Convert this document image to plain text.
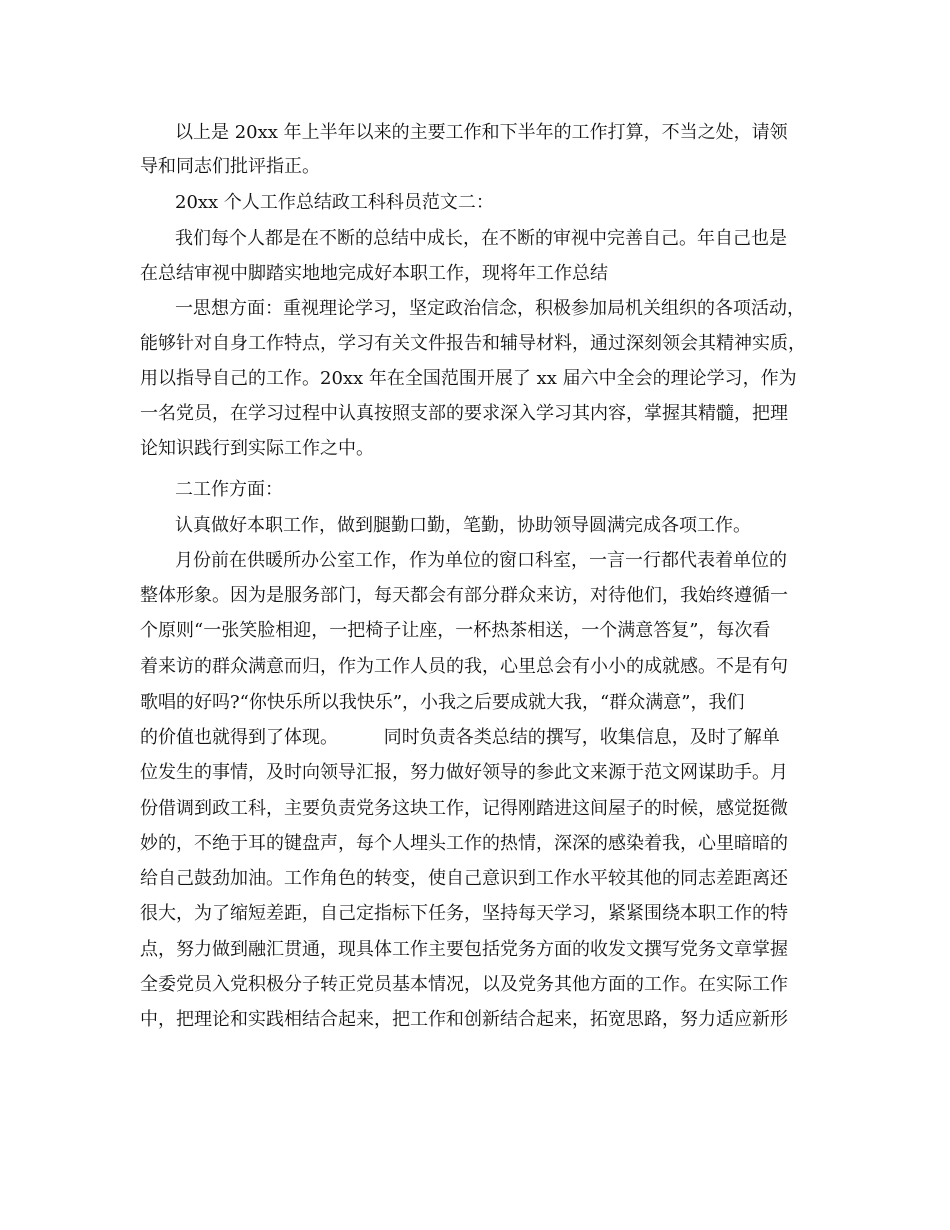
以上是 20xx 年上半年以来的主要工作和下半年的工作打算，不当之处，请领
导和同志们批评指正。
20xx 个人工作总结政工科科员范文二：
我们每个人都是在不断的总结中成长，在不断的审视中完善自己。年自己也是
在总结审视中脚踏实地地完成好本职工作，现将年工作总结
一思想方面：重视理论学习，坚定政治信念，积极参加局机关组织的各项活动，
能够针对自身工作特点，学习有关文件报告和辅导材料，通过深刻领会其精神实质，
用以指导自己的工作。20xx 年在全国范围开展了 xx 届六中全会的理论学习，作为
一名党员，在学习过程中认真按照支部的要求深入学习其内容，掌握其精髓，把理
论知识践行到实际工作之中。
二工作方面：
认真做好本职工作，做到腿勤口勤，笔勤，协助领导圆满完成各项工作。
月份前在供暖所办公室工作，作为单位的窗口科室，一言一行都代表着单位的
整体形象。因为是服务部门，每天都会有部分群众来访，对待他们，我始终遵循一
个原则“一张笑脸相迎，一把椅子让座，一杯热茶相送，一个满意答复”，每次看
着来访的群众满意而归，作为工作人员的我，心里总会有小小的成就感。不是有句
歌唱的好吗?“你快乐所以我快乐”，小我之后要成就大我，“群众满意”，我们
的价值也就得到了体现。        同时负责各类总结的撰写，收集信息，及时了解单
位发生的事情，及时向领导汇报，努力做好领导的参此文来源于范文网谋助手。月
份借调到政工科，主要负责党务这块工作，记得刚踏进这间屋子的时候，感觉挺微
妙的，不绝于耳的键盘声，每个人埋头工作的热情，深深的感染着我，心里暗暗的
给自己鼓劲加油。工作角色的转变，使自己意识到工作水平较其他的同志差距离还
很大，为了缩短差距，自己定指标下任务，坚持每天学习，紧紧围绕本职工作的特
点，努力做到融汇贯通，现具体工作主要包括党务方面的收发文撰写党务文章掌握
全委党员入党积极分子转正党员基本情况，以及党务其他方面的工作。在实际工作
中，把理论和实践相结合起来，把工作和创新结合起来，拓宽思路，努力适应新形
